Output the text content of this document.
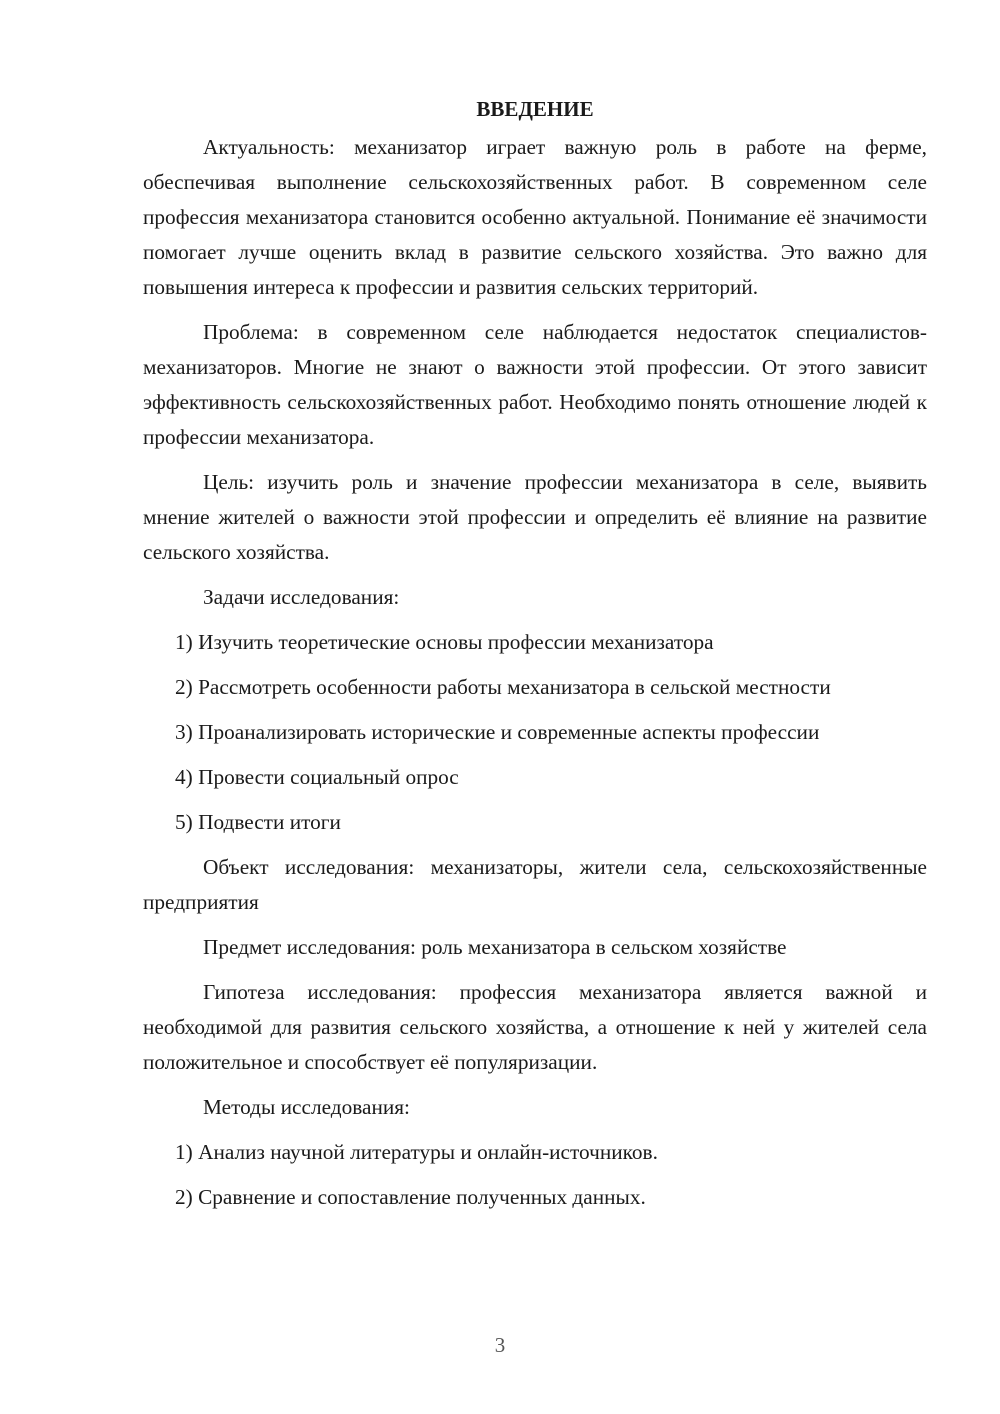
ВВЕДЕНИЕ

Актуальность: механизатор играет важную роль в работе на ферме, обеспечивая выполнение сельскохозяйственных работ. В современном селе профессия механизатора становится особенно актуальной. Понимание её значимости помогает лучше оценить вклад в развитие сельского хозяйства. Это важно для повышения интереса к профессии и развития сельских территорий.

Проблема: в современном селе наблюдается недостаток специалистов-механизаторов. Многие не знают о важности этой профессии. От этого зависит эффективность сельскохозяйственных работ. Необходимо понять отношение людей к профессии механизатора.

Цель: изучить роль и значение профессии механизатора в селе, выявить мнение жителей о важности этой профессии и определить её влияние на развитие сельского хозяйства.

Задачи исследования:

1) Изучить теоретические основы профессии механизатора

2) Рассмотреть особенности работы механизатора в сельской местности

3) Проанализировать исторические и современные аспекты профессии

4) Провести социальный опрос

5) Подвести итоги

Объект исследования: механизаторы, жители села, сельскохозяйственные предприятия

Предмет исследования: роль механизатора в сельском хозяйстве

Гипотеза исследования: профессия механизатора является важной и необходимой для развития сельского хозяйства, а отношение к ней у жителей села положительное и способствует её популяризации.

Методы исследования:

1) Анализ научной литературы и онлайн-источников.

2) Сравнение и сопоставление полученных данных.

3
